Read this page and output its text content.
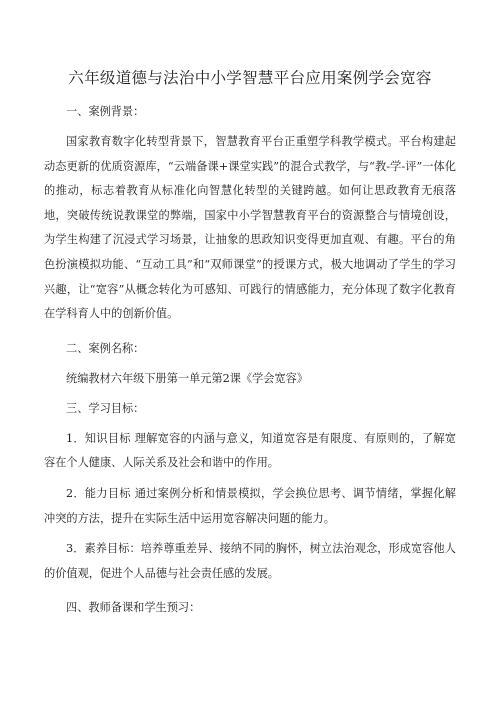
六年级道德与法治中小学智慧平台应用案例学会宽容

一、案例背景：

国家教育数字化转型背景下，智慧教育平台正重塑学科教学模式。平台构建起动态更新的优质资源库，“云端备课+课堂实践”的混合式教学，与“教-学-评”一体化的推动，标志着教育从标准化向智慧化转型的关键跨越。如何让思政教育无痕落地，突破传统说教课堂的弊端，国家中小学智慧教育平台的资源整合与情境创设，为学生构建了沉浸式学习场景，让抽象的思政知识变得更加直观、有趣。平台的角色扮演模拟功能、“互动工具”和“双师课堂”的授课方式，极大地调动了学生的学习兴趣，让“宽容”从概念转化为可感知、可践行的情感能力，充分体现了数字化教育在学科育人中的创新价值。

二、案例名称：

统编教材六年级下册第一单元第2课《学会宽容》

三、学习目标：

1．知识目标 理解宽容的内涵与意义，知道宽容是有限度、有原则的，了解宽容在个人健康、人际关系及社会和谐中的作用。

2．能力目标 通过案例分析和情景模拟，学会换位思考、调节情绪，掌握化解冲突的方法，提升在实际生活中运用宽容解决问题的能力。

3．素养目标：培养尊重差异、接纳不同的胸怀，树立法治观念，形成宽容他人的价值观，促进个人品德与社会责任感的发展。

四、教师备课和学生预习：
